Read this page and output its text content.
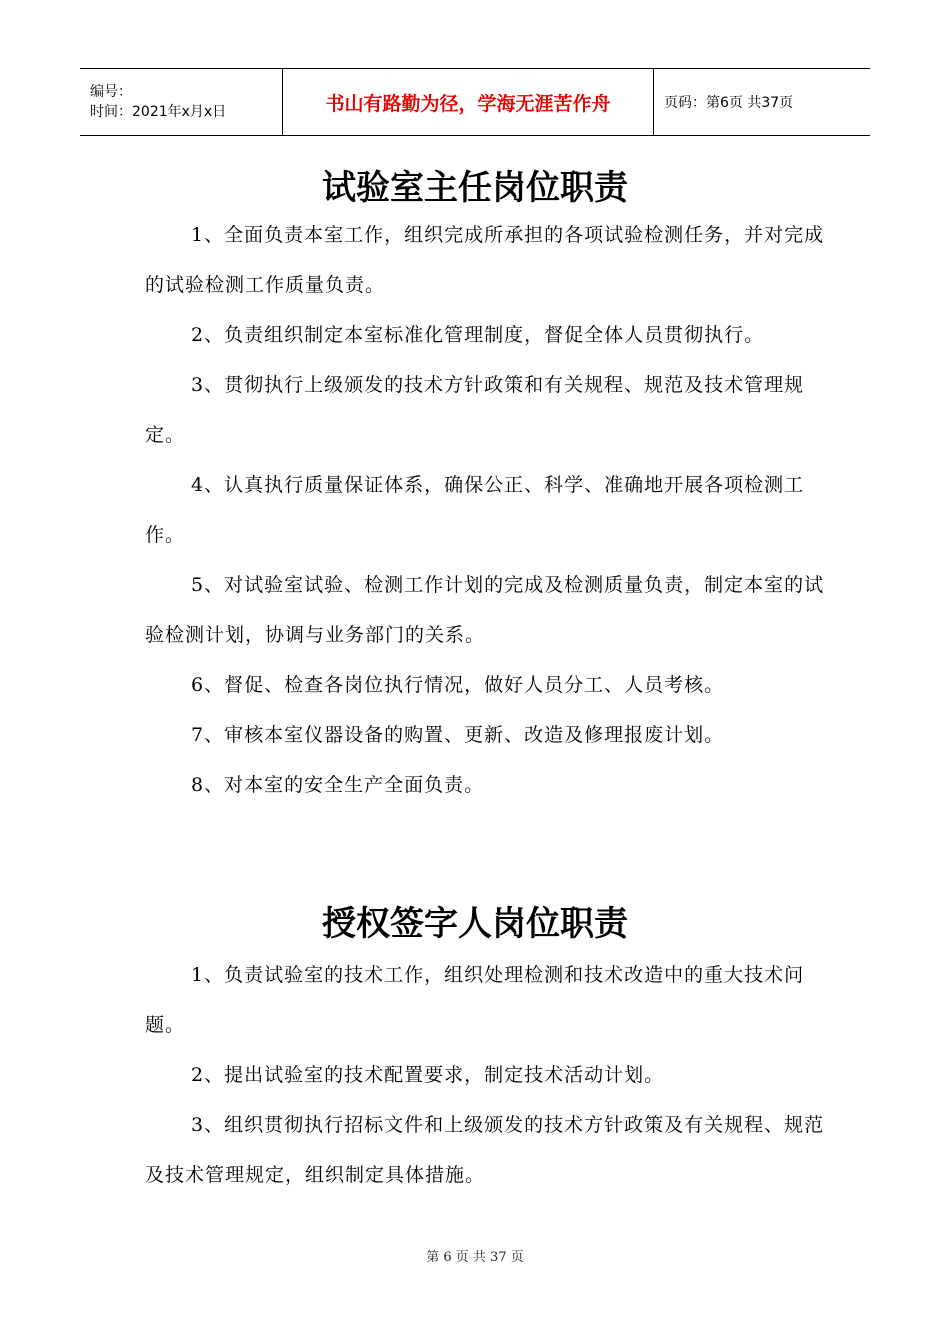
编号：
时间：2021年x月x日	书山有路勤为径，学海无涯苦作舟	页码：第6页 共37页
试验室主任岗位职责
1、全面负责本室工作，组织完成所承担的各项试验检测任务，并对完成的试验检测工作质量负责。
2、负责组织制定本室标准化管理制度，督促全体人员贯彻执行。
3、贯彻执行上级颁发的技术方针政策和有关规程、规范及技术管理规定。
4、认真执行质量保证体系，确保公正、科学、准确地开展各项检测工作。
5、对试验室试验、检测工作计划的完成及检测质量负责，制定本室的试验检测计划，协调与业务部门的关系。
6、督促、检查各岗位执行情况，做好人员分工、人员考核。
7、审核本室仪器设备的购置、更新、改造及修理报废计划。
8、对本室的安全生产全面负责。
授权签字人岗位职责
1、负责试验室的技术工作，组织处理检测和技术改造中的重大技术问题。
2、提出试验室的技术配置要求，制定技术活动计划。
3、组织贯彻执行招标文件和上级颁发的技术方针政策及有关规程、规范及技术管理规定，组织制定具体措施。
第 6 页 共 37 页
